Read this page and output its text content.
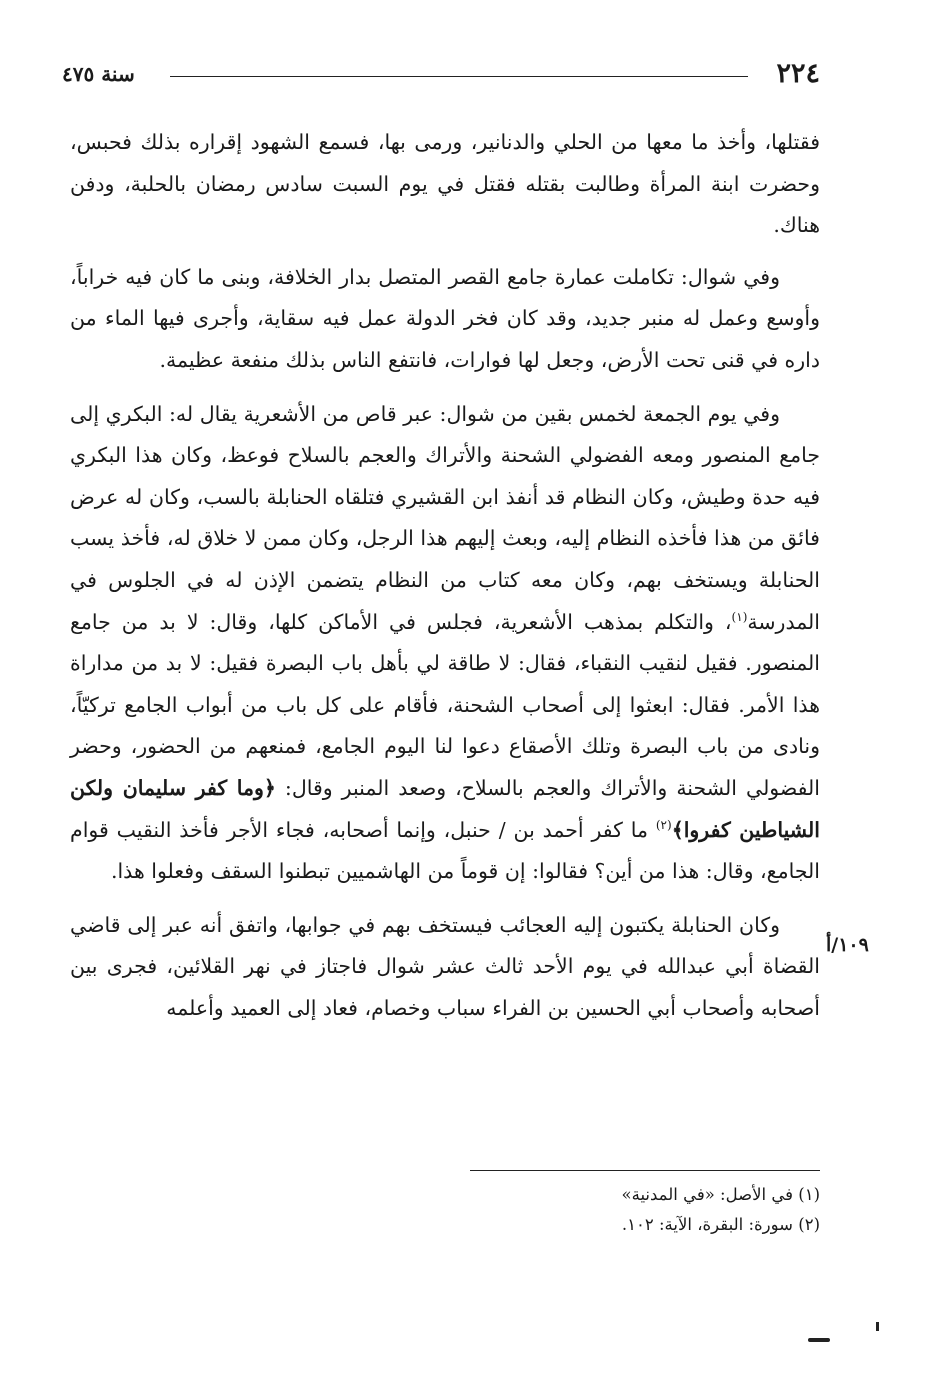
٢٢٤
سنة ٤٧٥

فقتلها، وأخذ ما معها من الحلي والدنانير، ورمى بها، فسمع الشهود إقراره بذلك فحبس، وحضرت ابنة المرأة وطالبت بقتله فقتل في يوم السبت سادس رمضان بالحلبة، ودفن هناك.

وفي شوال: تكاملت عمارة جامع القصر المتصل بدار الخلافة، وبنى ما كان فيه خراباً، وأوسع وعمل له منبر جديد، وقد كان فخر الدولة عمل فيه سقاية، وأجرى فيها الماء من داره في قنى تحت الأرض، وجعل لها فوارات، فانتفع الناس بذلك منفعة عظيمة.

وفي يوم الجمعة لخمس بقين من شوال: عبر قاص من الأشعرية يقال له: البكري إلى جامع المنصور ومعه الفضولي الشحنة والأتراك والعجم بالسلاح فوعظ، وكان هذا البكري فيه حدة وطيش، وكان النظام قد أنفذ ابن القشيري فتلقاه الحنابلة بالسب، وكان له عرض فائق من هذا فأخذه النظام إليه، وبعث إليهم هذا الرجل، وكان ممن لا خلاق له، فأخذ يسب الحنابلة ويستخف بهم، وكان معه كتاب من النظام يتضمن الإذن له في الجلوس في المدرسة$^{(١)}$، والتكلم بمذهب الأشعرية، فجلس في الأماكن كلها، وقال: لا بد من جامع المنصور. فقيل لنقيب النقباء، فقال: لا طاقة لي بأهل باب البصرة فقيل: لا بد من مداراة هذا الأمر. فقال: ابعثوا إلى أصحاب الشحنة، فأقام على كل باب من أبواب الجامع تركيّاً، ونادى من باب البصرة وتلك الأصقاع دعوا لنا اليوم الجامع، فمنعهم من الحضور، وحضر الفضولي الشحنة والأتراك والعجم بالسلاح، وصعد المنبر وقال: ﴿وما كفر سليمان ولكن الشياطين كفروا﴾$^{(٢)}$ ما كفر أحمد بن / حنبل، وإنما أصحابه، فجاء الأجر فأخذ النقيب قوام الجامع، وقال: هذا من أين؟ فقالوا: إن قوماً من الهاشميين تبطنوا السقف وفعلوا هذا.

وكان الحنابلة يكتبون إليه العجائب فيستخف بهم في جوابها، واتفق أنه عبر إلى قاضي القضاة أبي عبدالله في يوم الأحد ثالث عشر شوال فاجتاز في نهر القلائين، فجرى بين أصحابه وأصحاب أبي الحسين بن الفراء سباب وخصام، فعاد إلى العميد وأعلمه

١٠٩/أ
(١) في الأصل: «في المدنية»
(٢) سورة: البقرة، الآية: ١٠٢.
